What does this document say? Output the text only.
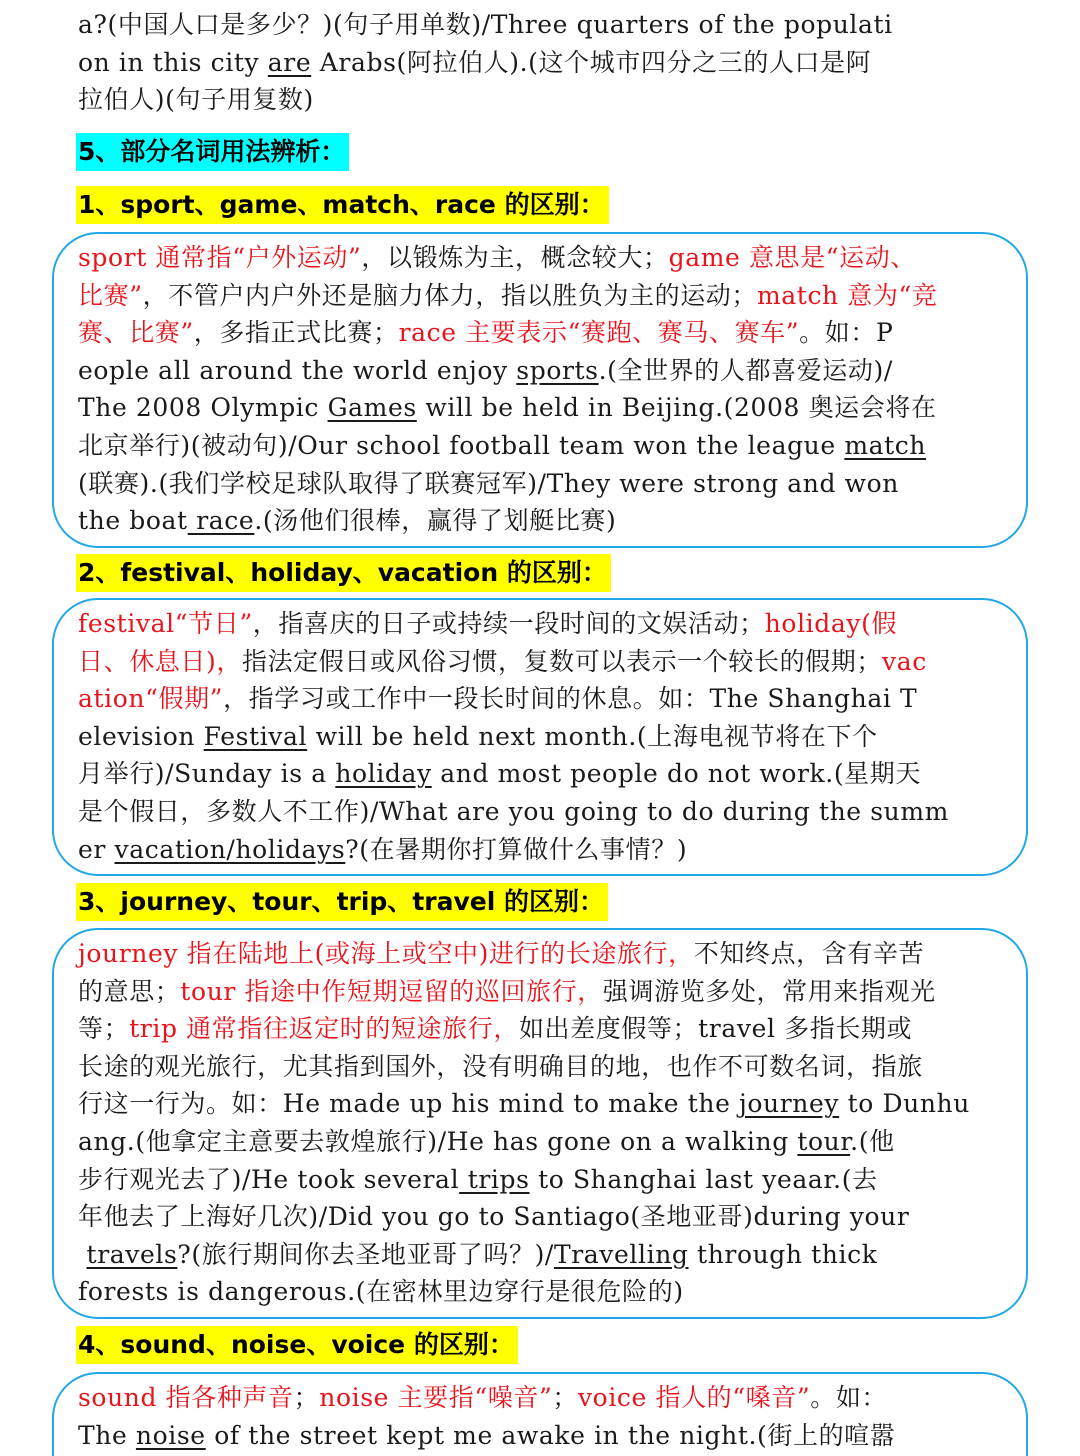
a?(中国人口是多少？)(句子用单数)/Three quarters of the populati

on in this city are Arabs(阿拉伯人).(这个城市四分之三的人口是阿

拉伯人)(句子用复数)

5、部分名词用法辨析：
1、sport、game、match、race 的区别：

sport 通常指“户外运动”，以锻炼为主，概念较大；game 意思是“运动、

比赛”，不管户内户外还是脑力体力，指以胜负为主的运动；match 意为“竞

赛、比赛”，多指正式比赛；race 主要表示“赛跑、赛马、赛车”。如：P

eople all around the world enjoy sports.(全世界的人都喜爱运动)/

The 2008 Olympic Games will be held in Beijing.(2008 奥运会将在

北京举行)(被动句)/Our school football team won the league match

(联赛).(我们学校足球队取得了联赛冠军)/They were strong and won

the boat race.(汤他们很棒，赢得了划艇比赛)

2、festival、holiday、vacation 的区别：

festival“节日”，指喜庆的日子或持续一段时间的文娱活动；holiday(假

日、休息日)，指法定假日或风俗习惯，复数可以表示一个较长的假期；vac

ation“假期”，指学习或工作中一段长时间的休息。如：The Shanghai T

elevision Festival will be held next month.(上海电视节将在下个

月举行)/Sunday is a holiday and most people do not work.(星期天

是个假日，多数人不工作)/What are you going to do during the summ

er vacation/holidays?(在暑期你打算做什么事情？)

3、journey、tour、trip、travel 的区别：

journey 指在陆地上(或海上或空中)进行的长途旅行，不知终点，含有辛苦

的意思；tour 指途中作短期逗留的巡回旅行，强调游览多处，常用来指观光

等；trip 通常指往返定时的短途旅行，如出差度假等；travel 多指长期或

长途的观光旅行，尤其指到国外，没有明确目的地，也作不可数名词，指旅

行这一行为。如：He made up his mind to make the journey to Dunhu

ang.(他拿定主意要去敦煌旅行)/He has gone on a walking tour.(他

步行观光去了)/He took several trips to Shanghai last yeaar.(去

年他去了上海好几次)/Did you go to Santiago(圣地亚哥)during your

travels?(旅行期间你去圣地亚哥了吗？)/Travelling through thick

forests is dangerous.(在密林里边穿行是很危险的)

4、sound、noise、voice 的区别：

sound 指各种声音；noise 主要指“噪音”；voice 指人的“嗓音”。如：

The noise of the street kept me awake in the night.(街上的喧嚣
